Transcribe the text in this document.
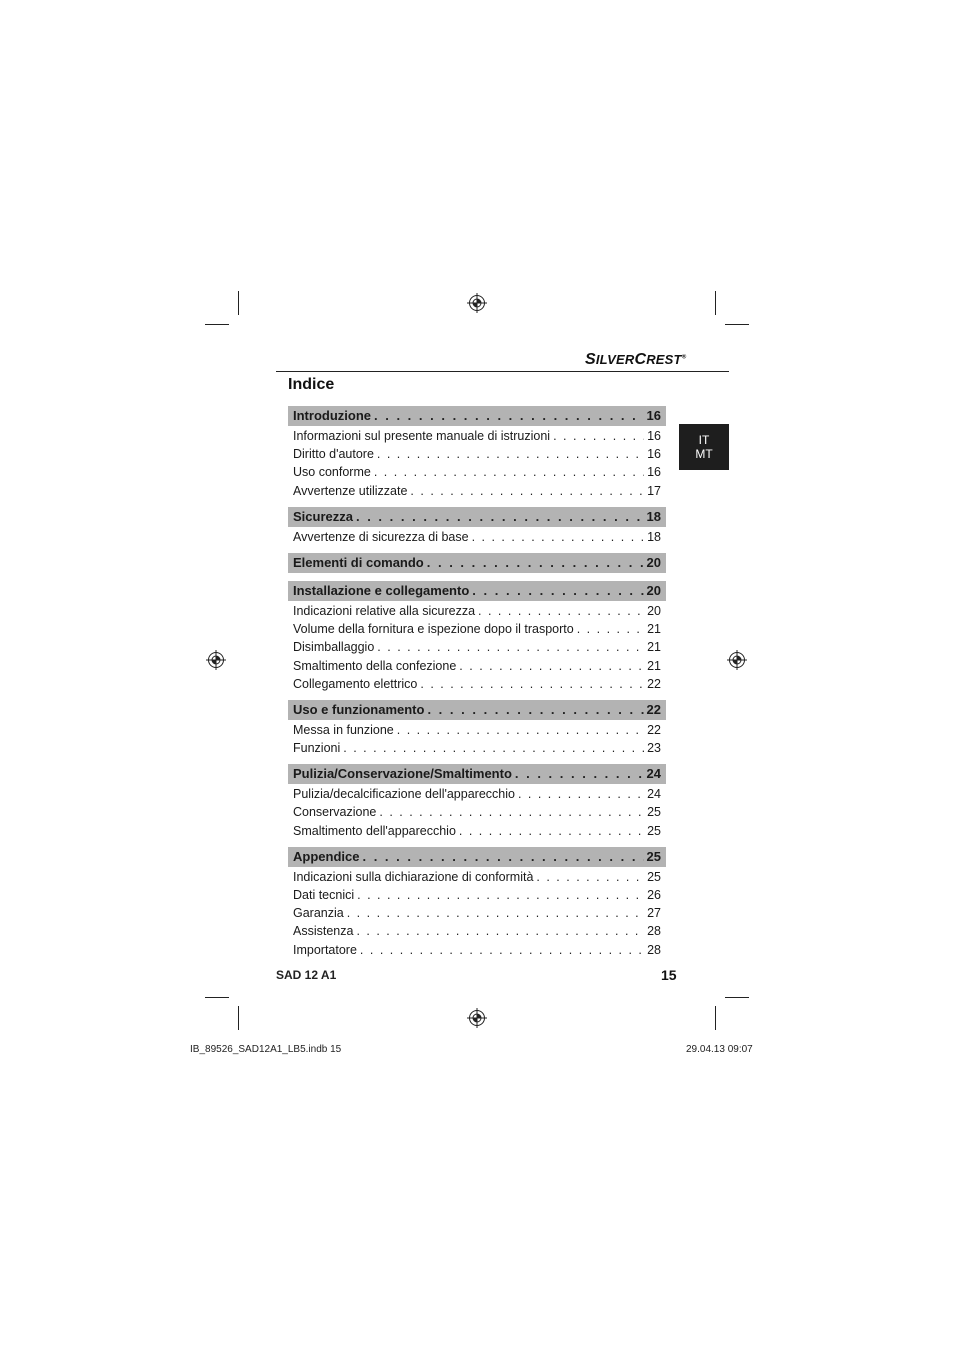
SILVERCREST®
Indice
IT
MT
Introduzione . . .	16
Informazioni sul presente manuale di istruzioni . . .	16
Diritto d'autore . . .	16
Uso conforme . . .	16
Avvertenze utilizzate . . .	17
Sicurezza . . .	18
Avvertenze di sicurezza di base . . .	18
Elementi di comando . . .	20
Installazione e collegamento . . .	20
Indicazioni relative alla sicurezza . . .	20
Volume della fornitura e ispezione dopo il trasporto . . .	21
Disimballaggio . . .	21
Smaltimento della confezione . . .	21
Collegamento elettrico . . .	22
Uso e funzionamento . . .	22
Messa in funzione . . .	22
Funzioni . . .	23
Pulizia/Conservazione/Smaltimento . . .	24
Pulizia/decalcificazione dell'apparecchio . . .	24
Conservazione . . .	25
Smaltimento dell'apparecchio . . .	25
Appendice . . .	25
Indicazioni sulla dichiarazione di conformità . . .	25
Dati tecnici . . .	26
Garanzia . . .	27
Assistenza . . .	28
Importatore . . .	28
SAD 12 A1	15
IB_89526_SAD12A1_LB5.indb 15	29.04.13 09:07
